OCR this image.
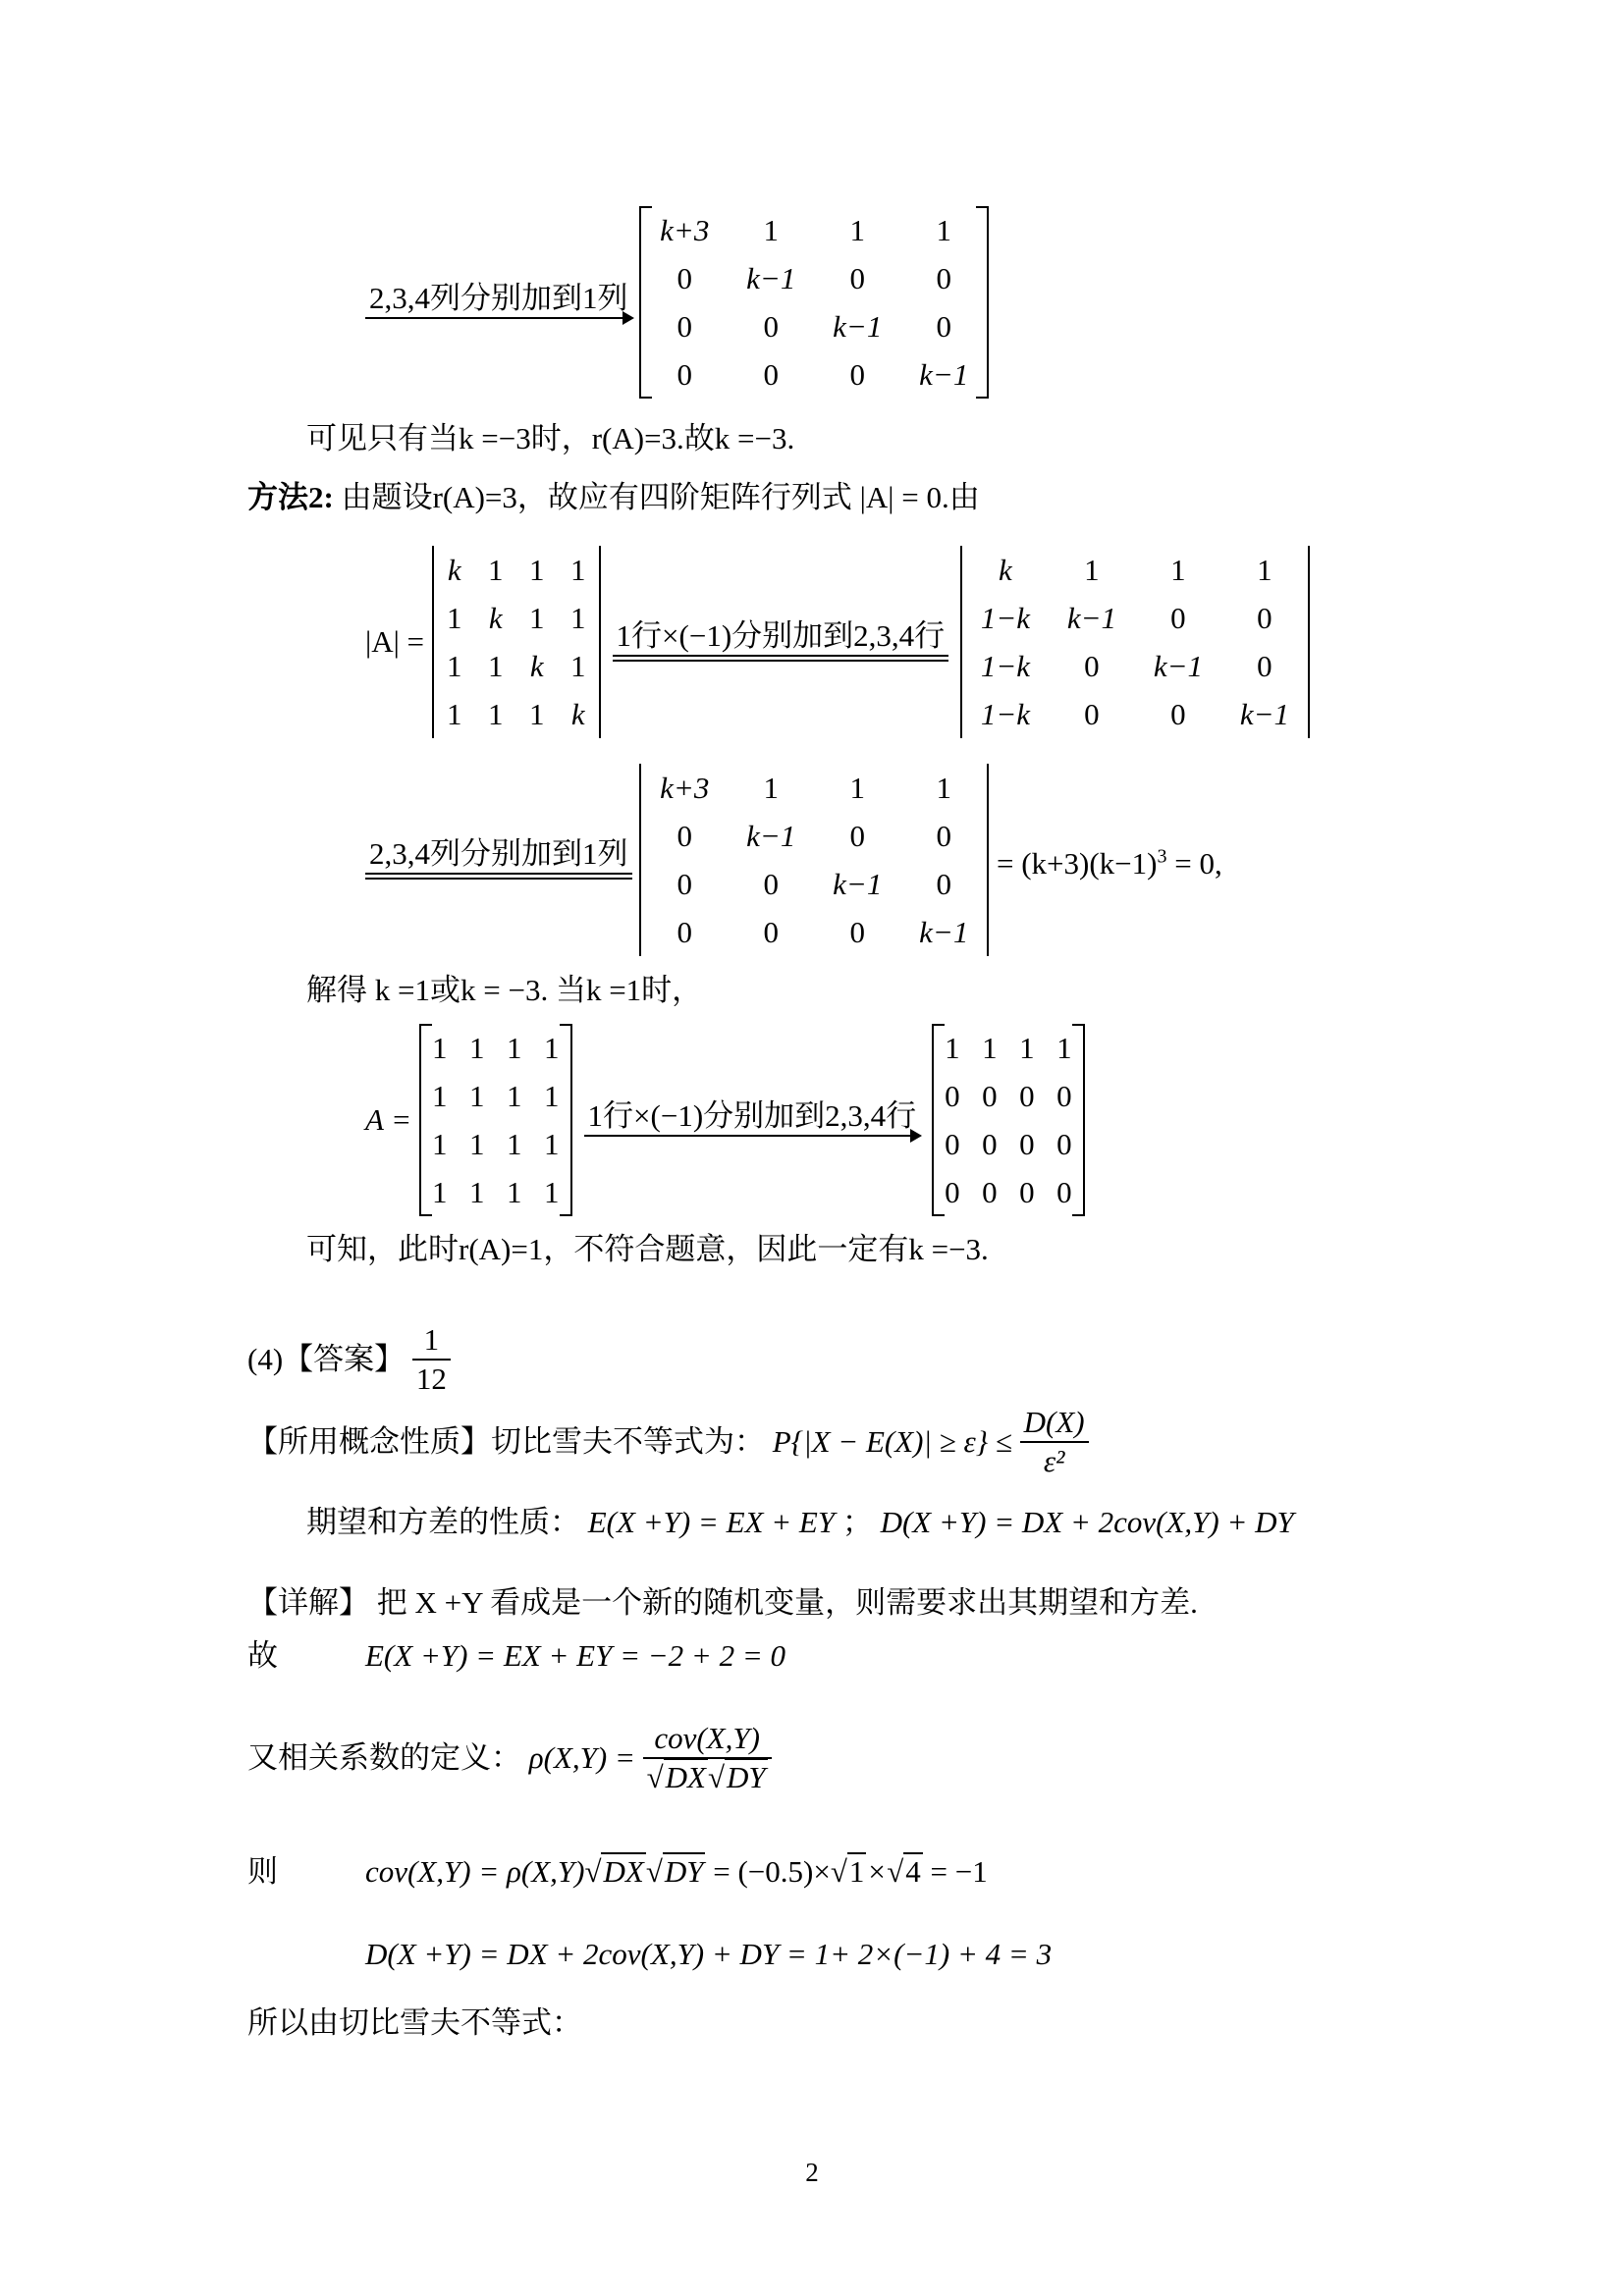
2,3,4列分别加到1列
k+3	1	1	1
0	k−1	0	0
0	0	k−1	0
0	0	0	k−1

可见只有当k =−3时，r(A)=3.故k =−3.
方法2: 由题设r(A)=3，故应有四阶矩阵行列式 |A| = 0.由
|A| = k	1	1	1
1	k	1	1
1	1	k	1
1	1	1	k
1行×(−1)分别加到2,3,4行
k	1	1	1
1−k	k−1	0	0
1−k	0	k−1	0
1−k	0	0	k−1
2,3,4列分别加到1列
k+3	1	1	1
0	k−1	0	0
0	0	k−1	0
0	0	0	$k-1 = (k+3)(k-1)^3 = 0$,
解得 k =1或k = −3. 当k =1时，
A = 1	1	1	1
1	1	1	1
1	1	1	1
1	1	1	1

1行×(−1)分别加到2,3,4行
1	1	1	1
0	0	0	0
0	0	0	0
0	0	0	0

可知，此时r(A)=1，不符合题意，因此一定有k =−3.
(4)【答案】 $\frac{1}{12}$
【所用概念性质】切比雪夫不等式为： $P\{|X - E(X)| \ge \varepsilon\} \le \frac{D(X)}{\text{ε²}}$
期望和方差的性质： E(X +Y) = EX + EY ； D(X +Y) = DX + 2cov(X,Y) + DY
【详解】 把 X +Y 看成是一个新的随机变量，则需要求出其期望和方差.
故	E(X +Y) = EX + EY = −2 + 2 = 0
又相关系数的定义： $\rho(X,Y) = \frac{\text{cov(X,Y)}}{√DX√DY}$
则	cov(X,Y) = ρ(X,Y)√DX√DY = (−0.5)×√1×√4 = −1
D(X +Y) = DX + 2cov(X,Y) + DY = 1+ 2×(−1) + 4 = 3
所以由切比雪夫不等式：
2
